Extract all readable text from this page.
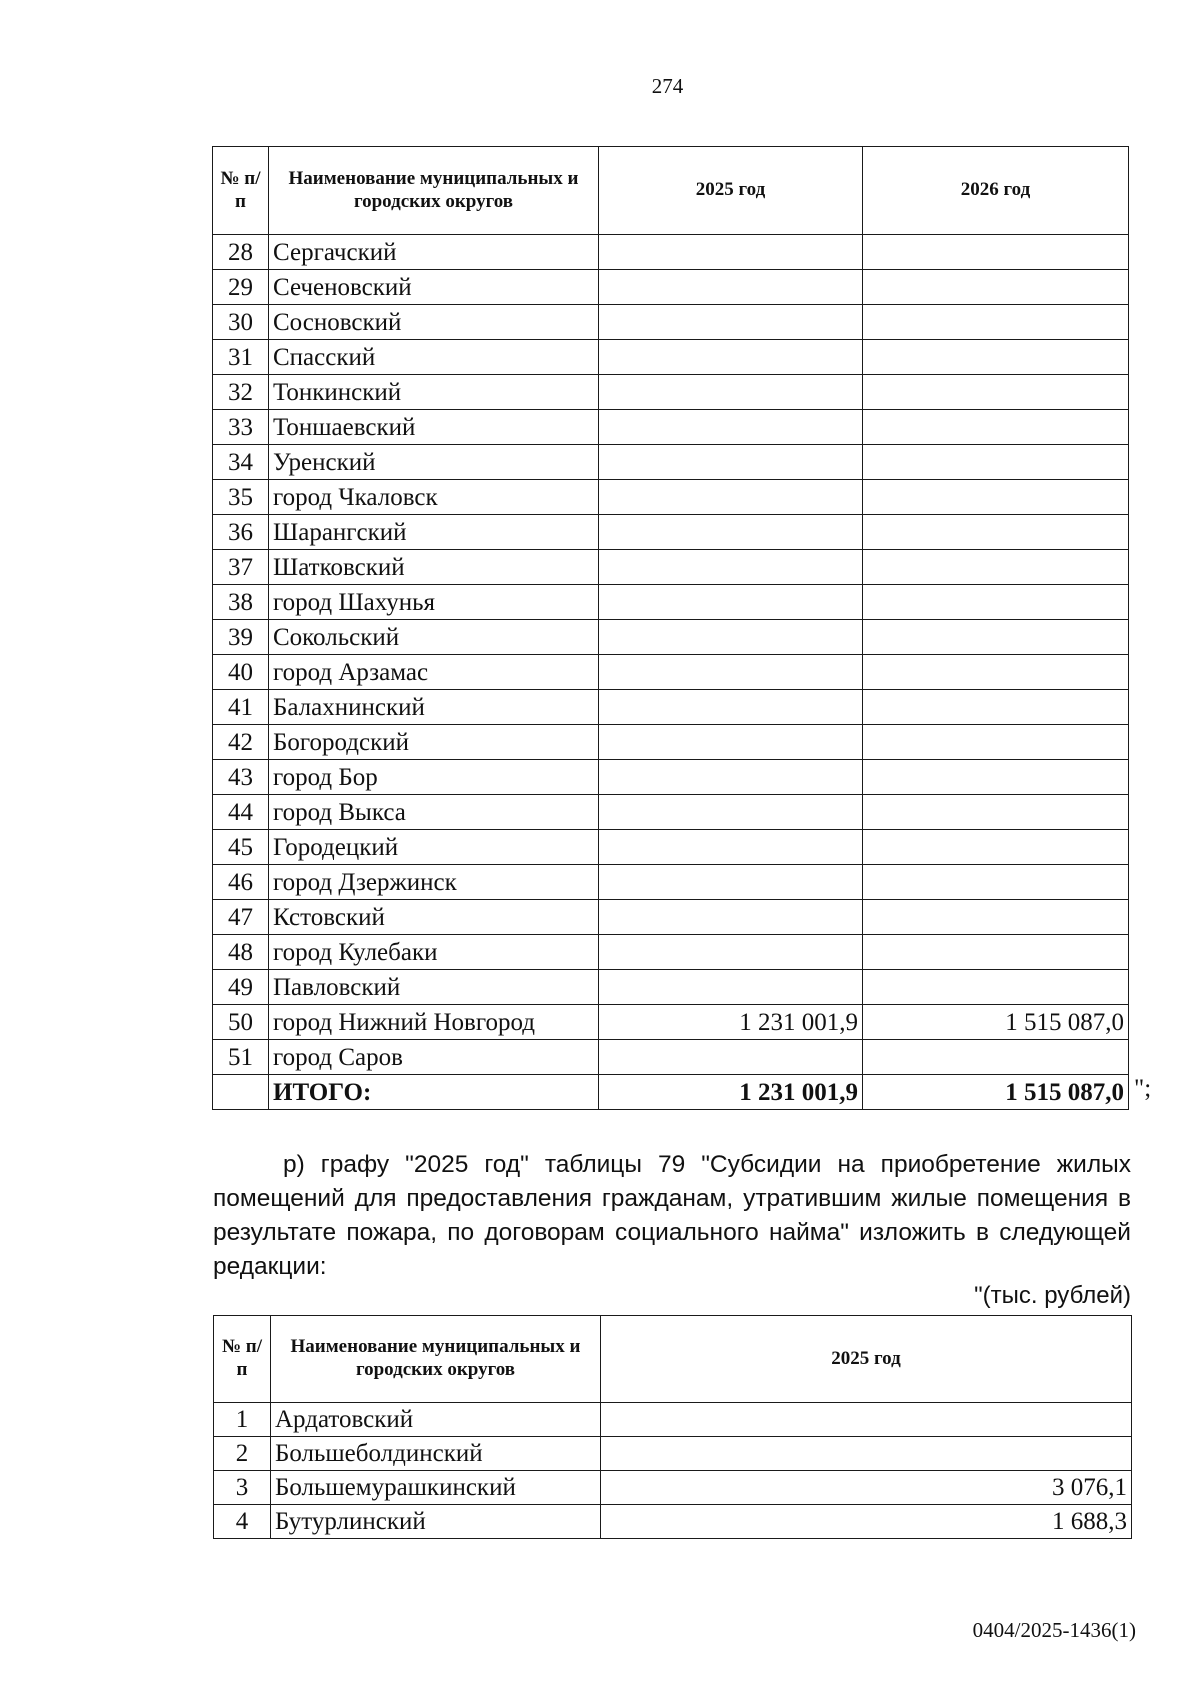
274
№ п/п	Наименование муниципальных и городских округов	2025 год	2026 год
28	Сергачский		
29	Сеченовский		
30	Сосновский		
31	Спасский		
32	Тонкинский		
33	Тоншаевский		
34	Уренский		
35	город Чкаловск		
36	Шарангский		
37	Шатковский		
38	город Шахунья		
39	Сокольский		
40	город Арзамас		
41	Балахнинский		
42	Богородский		
43	город Бор		
44	город Выкса		
45	Городецкий		
46	город Дзержинск		
47	Кстовский		
48	город Кулебаки		
49	Павловский		
50	город Нижний Новгород	1 231 001,9	1 515 087,0
51	город Саров		
	ИТОГО:	1 231 001,9	1 515 087,0 ";
р) графу "2025 год" таблицы 79 "Субсидии на приобретение жилых помещений для предоставления гражданам, утратившим жилые помещения в результате пожара, по договорам социального найма" изложить в следующей редакции:
"(тыс. рублей)
№ п/п	Наименование муниципальных и городских округов	2025 год
1	Ардатовский	
2	Большеболдинский	
3	Большемурашкинский	3 076,1
4	Бутурлинский	1 688,3
0404/2025-1436(1)
